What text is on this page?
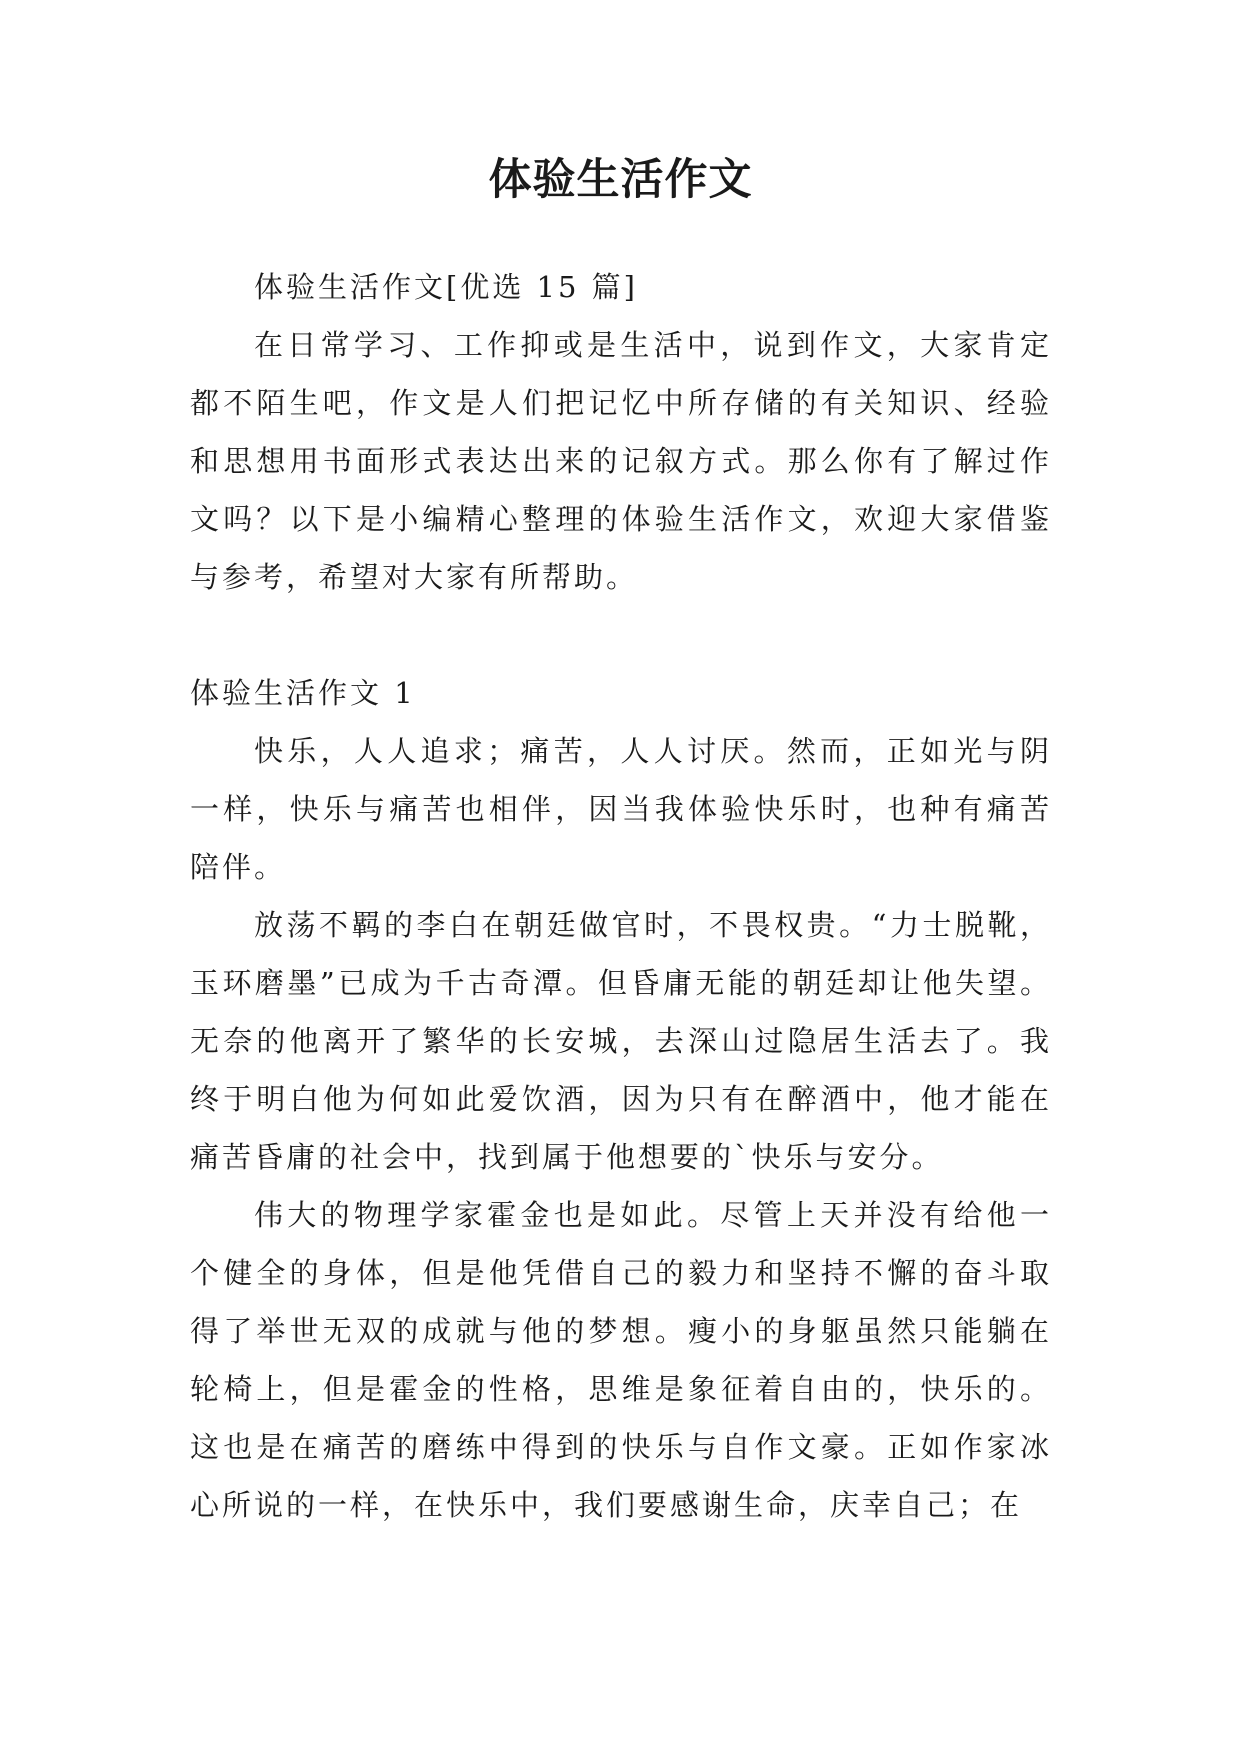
体验生活作文

体验生活作文[优选 15 篇]

在日常学习、工作抑或是生活中，说到作文，大家肯定都不陌生吧，作文是人们把记忆中所存储的有关知识、经验和思想用书面形式表达出来的记叙方式。那么你有了解过作文吗？以下是小编精心整理的体验生活作文，欢迎大家借鉴与参考，希望对大家有所帮助。

体验生活作文 1

快乐，人人追求；痛苦，人人讨厌。然而，正如光与阴一样，快乐与痛苦也相伴，因当我体验快乐时，也种有痛苦陪伴。

放荡不羁的李白在朝廷做官时，不畏权贵。“力士脱靴，玉环磨墨”已成为千古奇潭。但昏庸无能的朝廷却让他失望。无奈的他离开了繁华的长安城，去深山过隐居生活去了。我终于明白他为何如此爱饮酒，因为只有在醉酒中，他才能在痛苦昏庸的社会中，找到属于他想要的`快乐与安分。

伟大的物理学家霍金也是如此。尽管上天并没有给他一个健全的身体，但是他凭借自己的毅力和坚持不懈的奋斗取得了举世无双的成就与他的梦想。瘦小的身躯虽然只能躺在轮椅上，但是霍金的性格，思维是象征着自由的，快乐的。这也是在痛苦的磨练中得到的快乐与自作文豪。正如作家冰心所说的一样，在快乐中，我们要感谢生命，庆幸自己；在
